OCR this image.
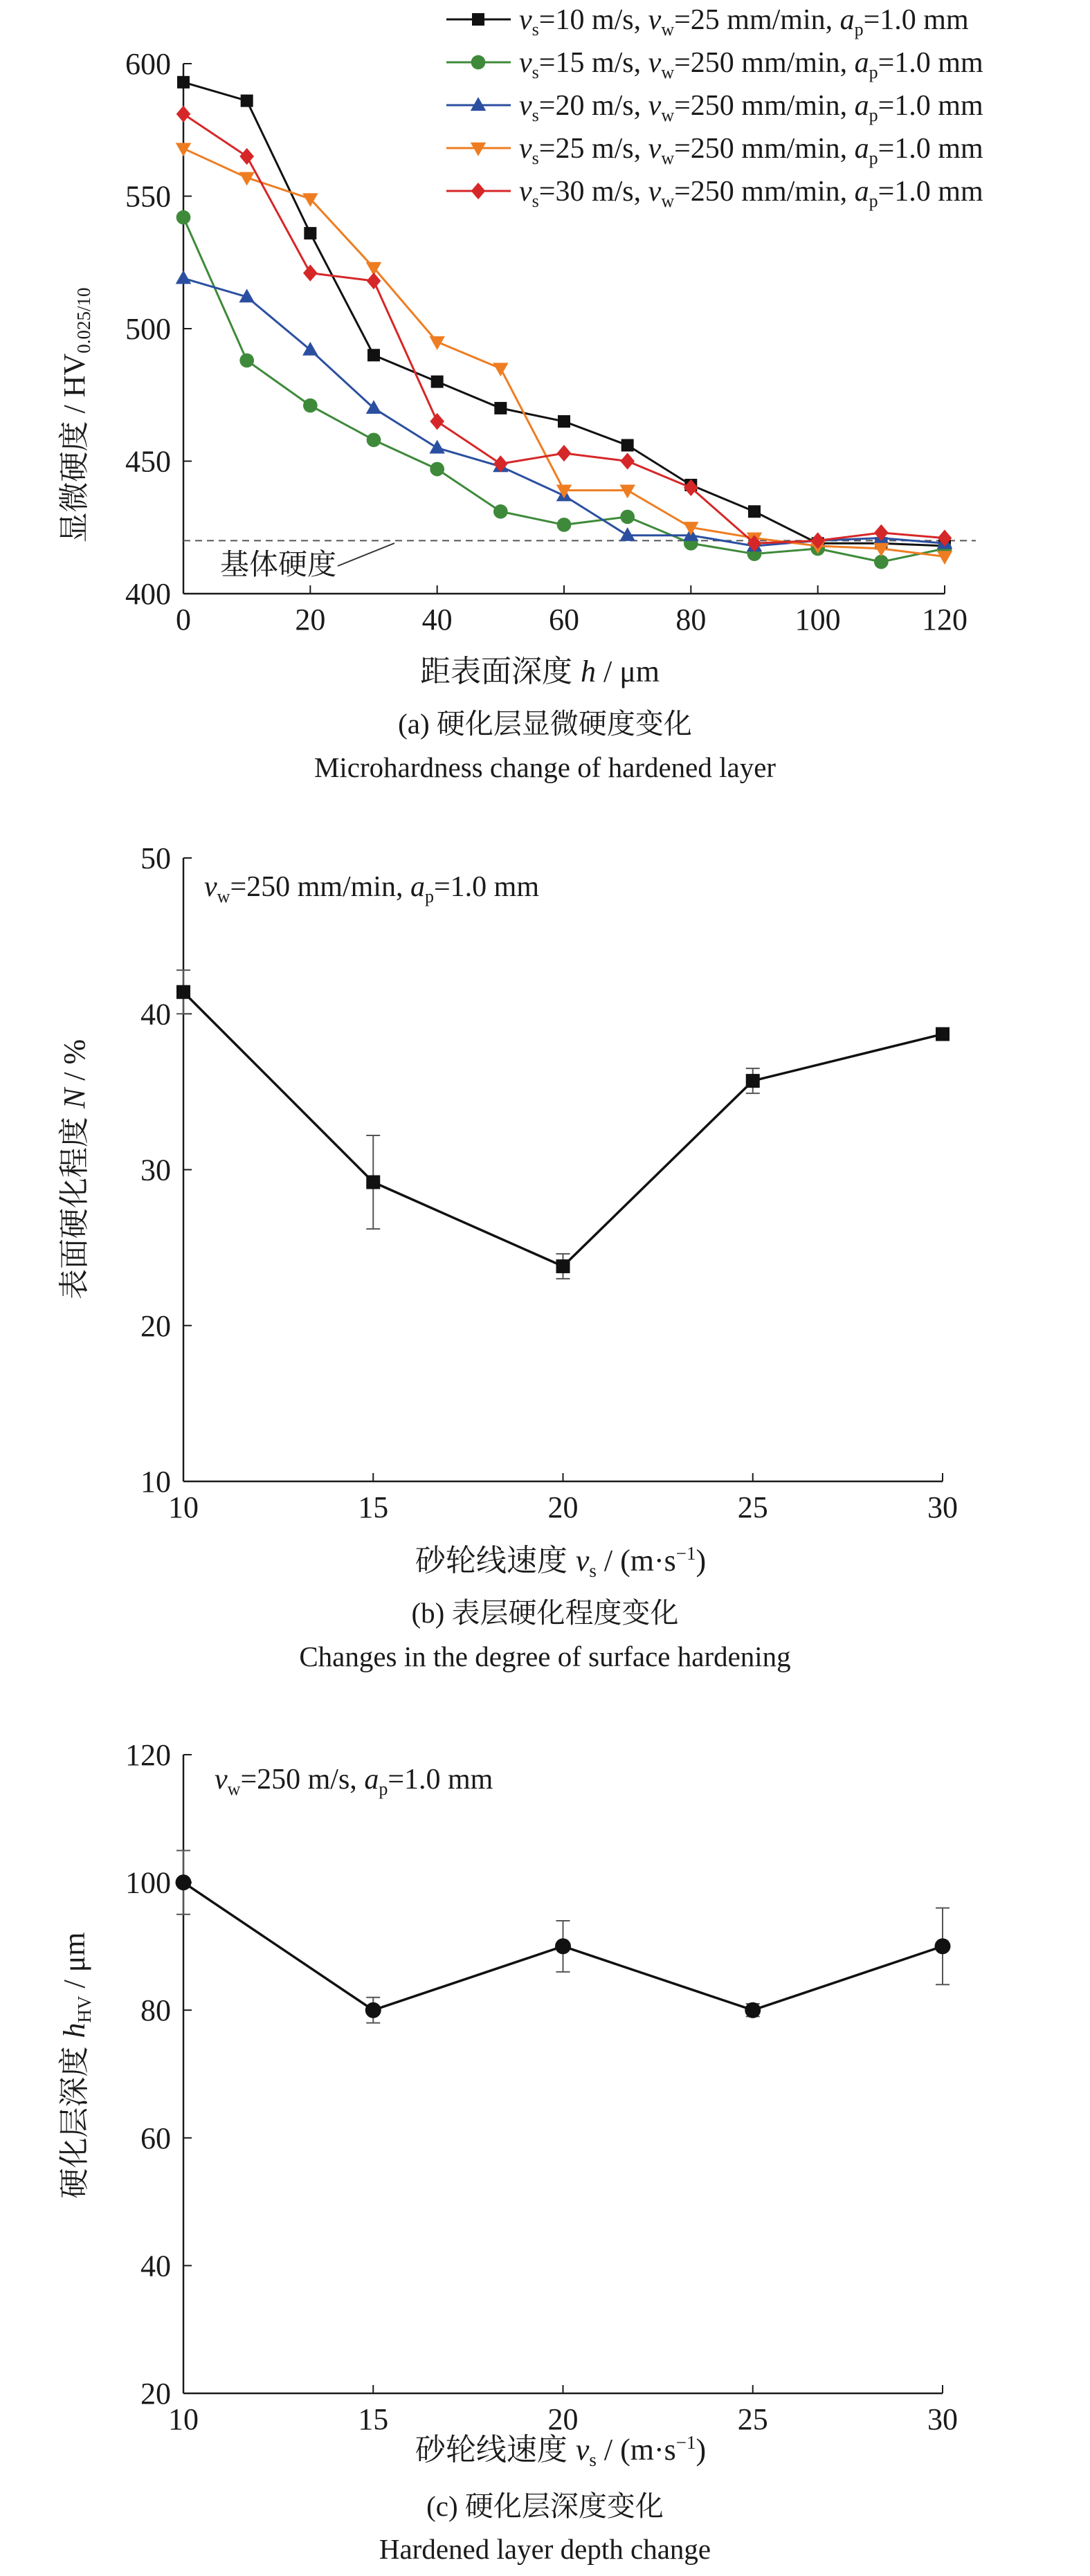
0	20	40	60	80	100	120
400
450
500
550
600
基体硬度
$v_s=10$ m/s, $v_w=25$ mm/min, $a_p=1.0$ mm
$v_s=15$ m/s, $v_w=250$ mm/min, $a_p=1.0$ mm
$v_s=20$ m/s, $v_w=250$ mm/min, $a_p=1.0$ mm
$v_s=25$ m/s, $v_w=250$ mm/min, $a_p=1.0$ mm
$v_s=30$ m/s, $v_w=250$ mm/min, $a_p=1.0$ mm
距表面深度 h / μm
显微硬度 / HV0.025/10
10	15	20	25	30
10
20
30
40
50
$v_w=250$ mm/min, $a_p=1.0$ mm
砂轮线速度 $v_s / (m\cdot s^{-1})$
表面硬化程度N / %
10	15	20	25	30
20
40
60
80
100
120
$v_w=250$ m/s, $a_p=1.0$ mm
砂轮线速度 $v_s / (m\cdot s^{-1})$
硬化层深度$h_{HV}$ / μm
(a) 硬化层显微硬度变化
Microhardness change of hardened layer
(b) 表层硬化程度变化
Changes in the degree of surface hardening
(c) 硬化层深度变化
Hardened layer depth change
